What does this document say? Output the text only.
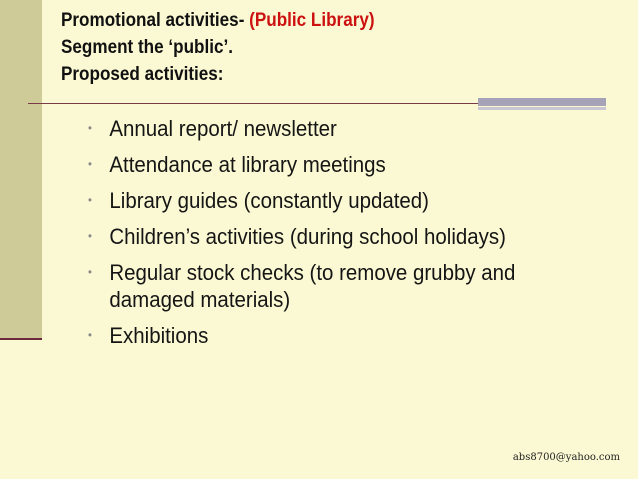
Promotional activities- (Public Library)
Segment the ‘public’.
Proposed activities:
• Annual report/ newsletter
• Attendance at library meetings
• Library guides (constantly updated)
• Children’s activities (during school holidays)
• Regular stock checks (to remove grubby and damaged materials)
• Exhibitions
abs8700@yahoo.com
